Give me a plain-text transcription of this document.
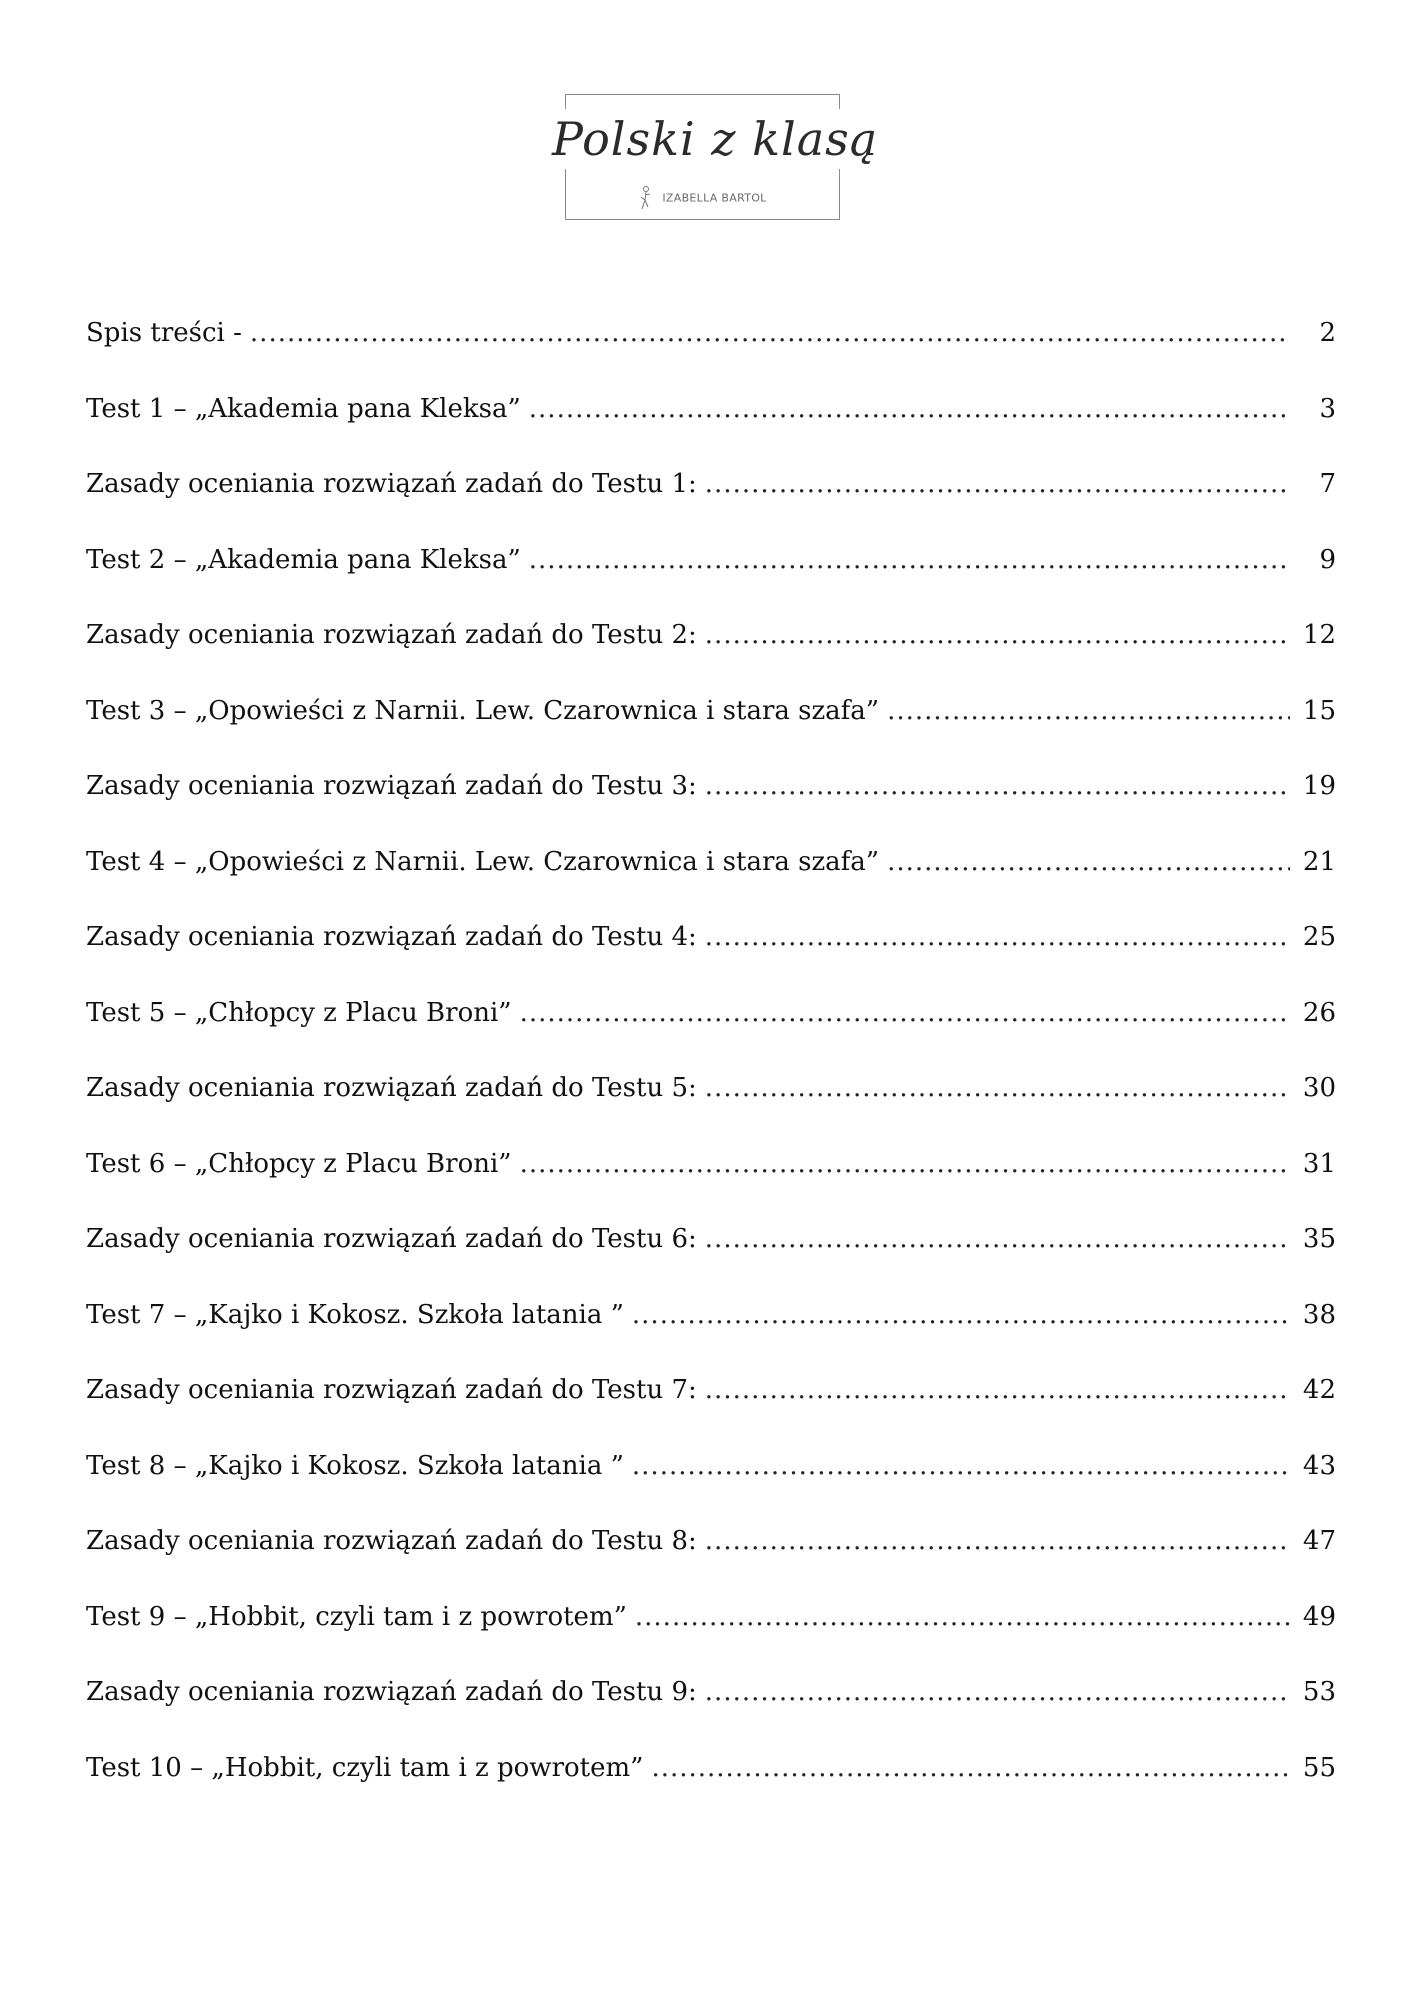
Polski z klasą
IZABELLA BARTOL
Spis treści - .....	2
Test 1 – „Akademia pana Kleksa” .....	3
Zasady oceniania rozwiązań zadań do Testu 1: .....	7
Test 2 – „Akademia pana Kleksa” .....	9
Zasady oceniania rozwiązań zadań do Testu 2: .....	12
Test 3 – „Opowieści z Narnii. Lew. Czarownica i stara szafa” .....	15
Zasady oceniania rozwiązań zadań do Testu 3: .....	19
Test 4 – „Opowieści z Narnii. Lew. Czarownica i stara szafa” .....	21
Zasady oceniania rozwiązań zadań do Testu 4: .....	25
Test 5 – „Chłopcy z Placu Broni” .....	26
Zasady oceniania rozwiązań zadań do Testu 5: .....	30
Test 6 – „Chłopcy z Placu Broni” .....	31
Zasady oceniania rozwiązań zadań do Testu 6: .....	35
Test 7 – „Kajko i Kokosz. Szkoła latania ” .....	38
Zasady oceniania rozwiązań zadań do Testu 7: .....	42
Test 8 – „Kajko i Kokosz. Szkoła latania ” .....	43
Zasady oceniania rozwiązań zadań do Testu 8: .....	47
Test 9 – „Hobbit, czyli tam i z powrotem” .....	49
Zasady oceniania rozwiązań zadań do Testu 9: .....	53
Test 10 – „Hobbit, czyli tam i z powrotem” .....	55
